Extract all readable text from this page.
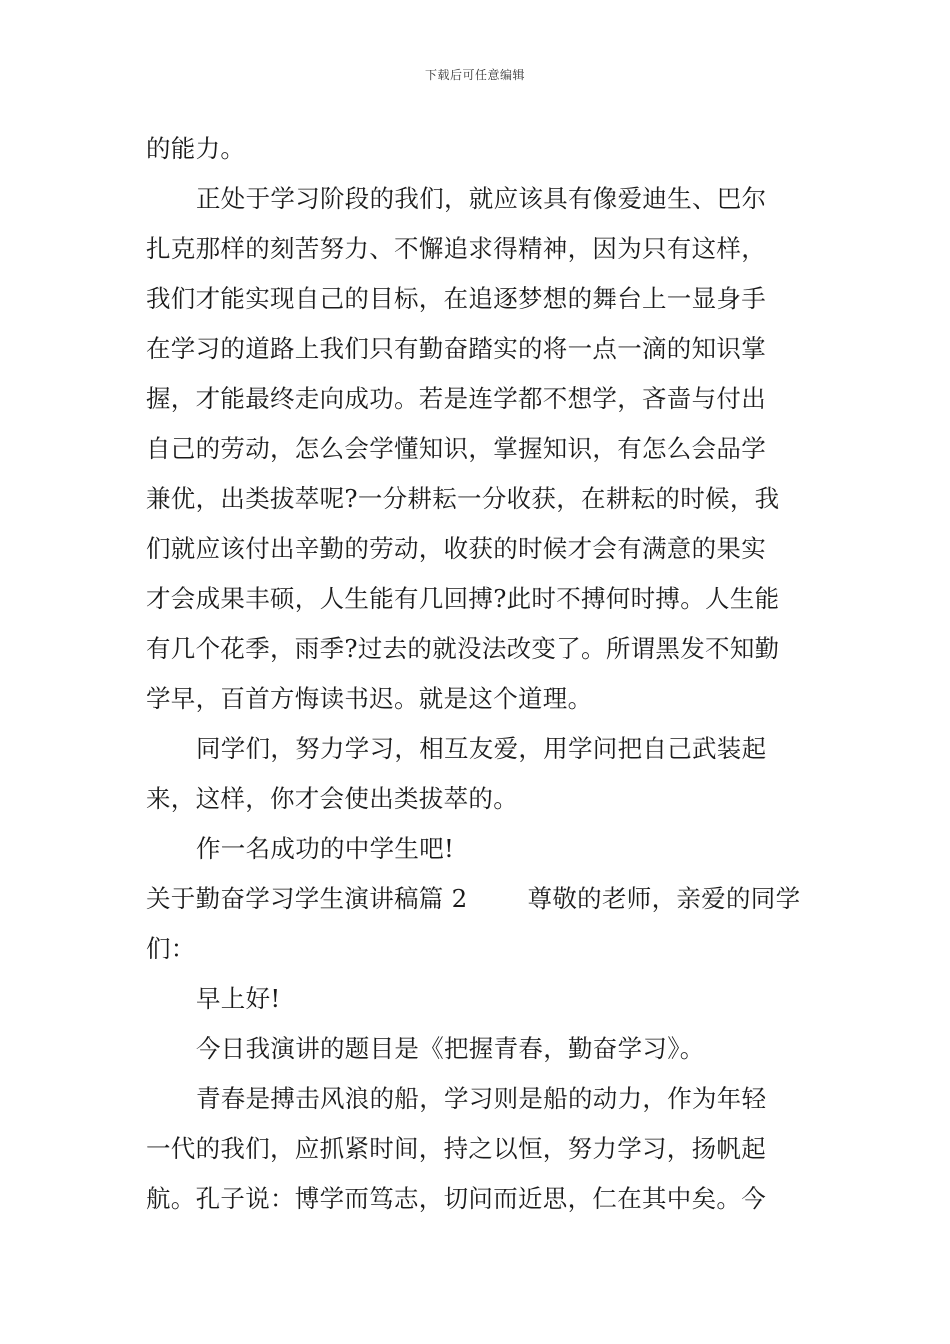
下载后可任意编辑
的能力。
正处于学习阶段的我们，就应该具有像爱迪生、巴尔
扎克那样的刻苦努力、不懈追求得精神，因为只有这样，
我们才能实现自己的目标，在追逐梦想的舞台上一显身手
在学习的道路上我们只有勤奋踏实的将一点一滴的知识掌
握，才能最终走向成功。若是连学都不想学，吝啬与付出
自己的劳动，怎么会学懂知识，掌握知识，有怎么会品学
兼优，出类拔萃呢?一分耕耘一分收获，在耕耘的时候，我
们就应该付出辛勤的劳动，收获的时候才会有满意的果实
才会成果丰硕，人生能有几回搏?此时不搏何时搏。人生能
有几个花季，雨季?过去的就没法改变了。所谓黑发不知勤
学早，百首方悔读书迟。就是这个道理。
同学们，努力学习，相互友爱，用学问把自己武装起
来，这样，你才会使出类拔萃的。
作一名成功的中学生吧!
关于勤奋学习学生演讲稿篇 2 尊敬的老师，亲爱的同学
们：
早上好!
今日我演讲的题目是《把握青春，勤奋学习》。
青春是搏击风浪的船，学习则是船的动力，作为年轻
一代的我们，应抓紧时间，持之以恒，努力学习，扬帆起
航。孔子说：博学而笃志，切问而近思，仁在其中矣。今
